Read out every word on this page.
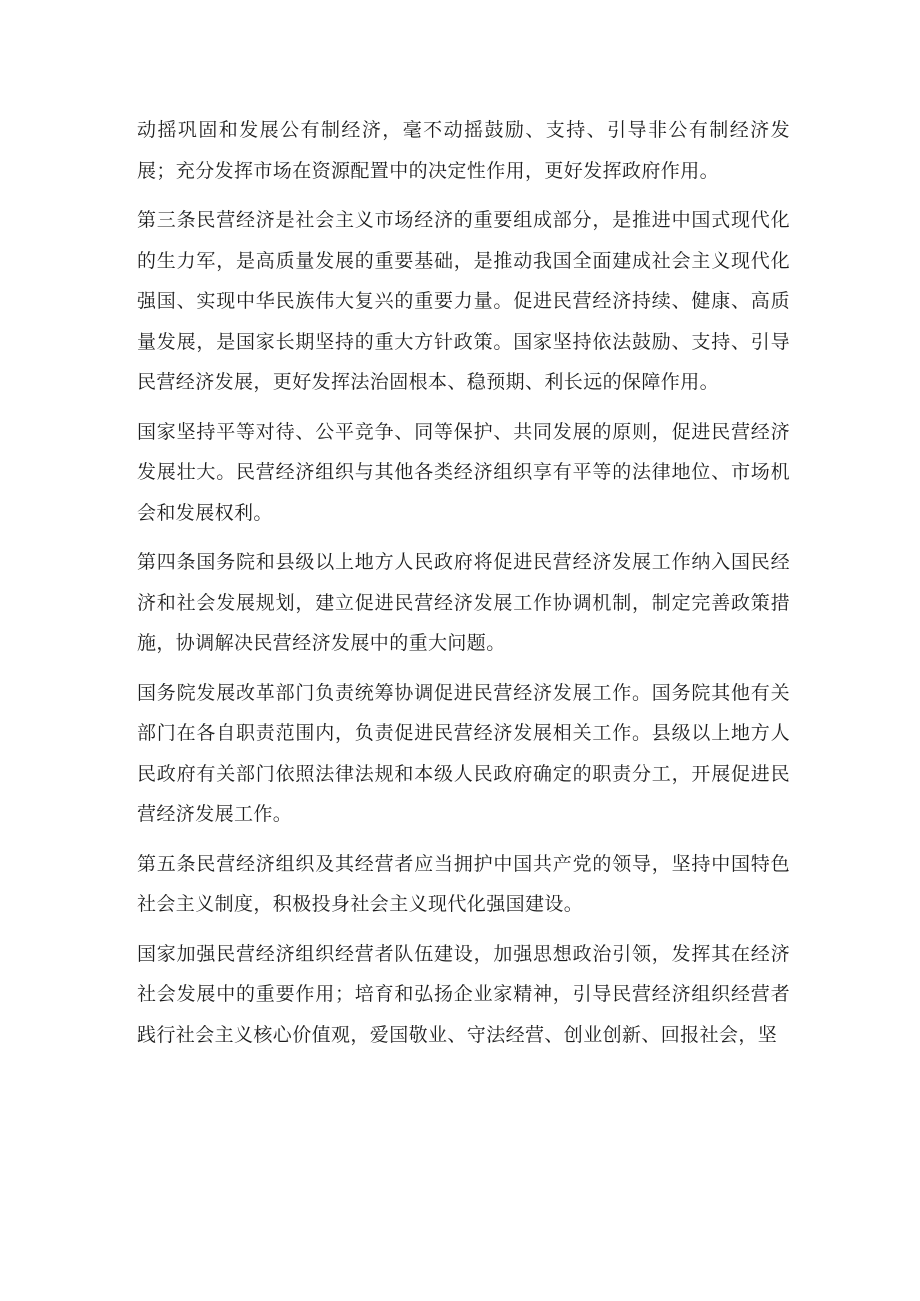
动摇巩固和发展公有制经济，毫不动摇鼓励、支持、引导非公有制经济发展；充分发挥市场在资源配置中的决定性作用，更好发挥政府作用。

第三条民营经济是社会主义市场经济的重要组成部分，是推进中国式现代化的生力军，是高质量发展的重要基础，是推动我国全面建成社会主义现代化强国、实现中华民族伟大复兴的重要力量。促进民营经济持续、健康、高质量发展，是国家长期坚持的重大方针政策。国家坚持依法鼓励、支持、引导民营经济发展，更好发挥法治固根本、稳预期、利长远的保障作用。

国家坚持平等对待、公平竞争、同等保护、共同发展的原则，促进民营经济发展壮大。民营经济组织与其他各类经济组织享有平等的法律地位、市场机会和发展权利。

第四条国务院和县级以上地方人民政府将促进民营经济发展工作纳入国民经济和社会发展规划，建立促进民营经济发展工作协调机制，制定完善政策措施，协调解决民营经济发展中的重大问题。

国务院发展改革部门负责统筹协调促进民营经济发展工作。国务院其他有关部门在各自职责范围内，负责促进民营经济发展相关工作。县级以上地方人民政府有关部门依照法律法规和本级人民政府确定的职责分工，开展促进民营经济发展工作。

第五条民营经济组织及其经营者应当拥护中国共产党的领导，坚持中国特色社会主义制度，积极投身社会主义现代化强国建设。

国家加强民营经济组织经营者队伍建设，加强思想政治引领，发挥其在经济社会发展中的重要作用；培育和弘扬企业家精神，引导民营经济组织经营者践行社会主义核心价值观，爱国敬业、守法经营、创业创新、回报社会，坚
